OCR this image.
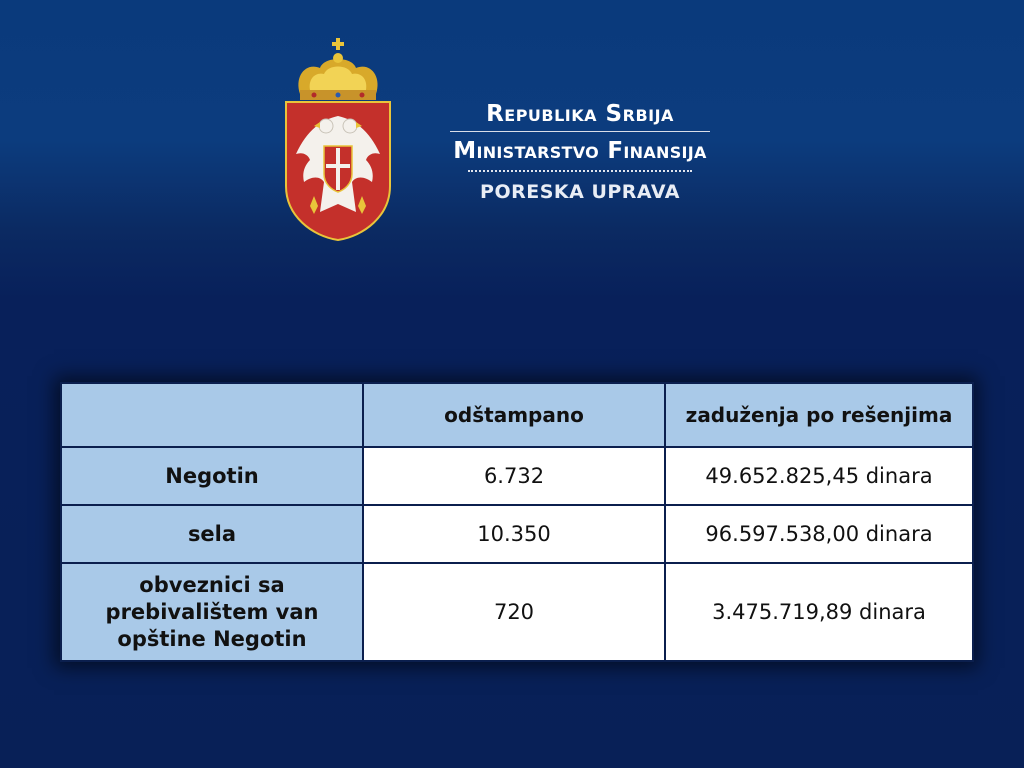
Republika Srbija
Ministarstvo Finansija
PORESKA UPRAVA
	odštampano	zaduženja po rešenjima
Negotin	6.732	49.652.825,45 dinara
sela	10.350	96.597.538,00 dinara
obveznici sa prebivalištem van opštine Negotin	720	3.475.719,89 dinara
